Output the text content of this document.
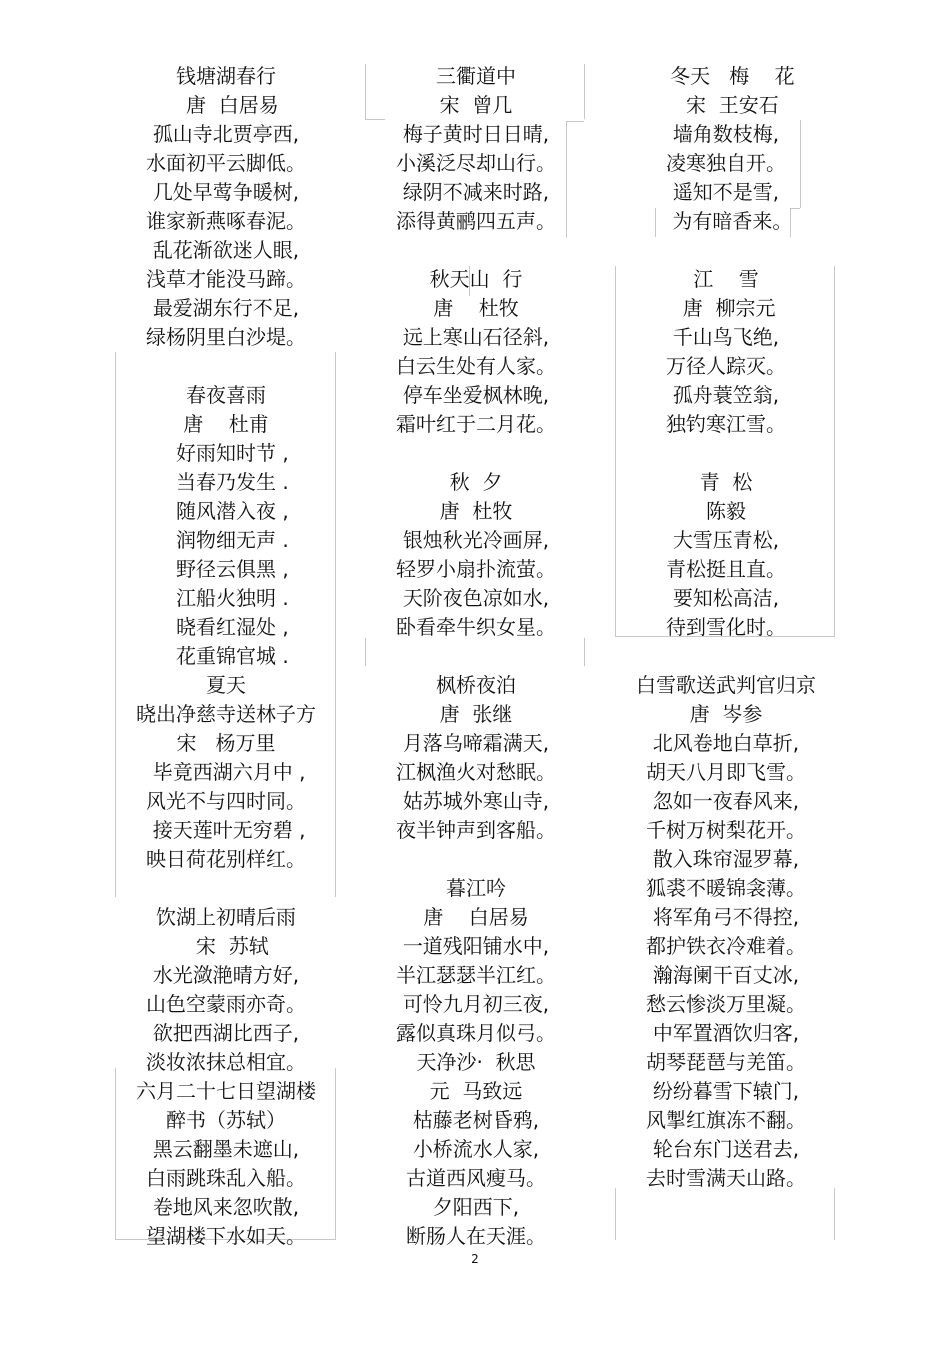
钱塘湖春行
唐  白居易
孤山寺北贾亭西,
水面初平云脚低。
几处早莺争暖树,
谁家新燕啄春泥。
乱花渐欲迷人眼,
浅草才能没马蹄。
最爱湖东行不足,
绿杨阴里白沙堤。
春夜喜雨
唐    杜甫
好雨知时节 ,
当春乃发生 .
随风潜入夜 ,
润物细无声 .
野径云俱黑 ,
江船火独明 .
晓看红湿处 ,
花重锦官城 .
夏天
晓出净慈寺送林子方
宋   杨万里
毕竟西湖六月中 ,
风光不与四时同。
接天莲叶无穷碧 ,
映日荷花别样红。
饮湖上初晴后雨
宋  苏轼
水光潋滟晴方好,
山色空蒙雨亦奇。
欲把西湖比西子,
淡妆浓抹总相宜。
六月二十七日望湖楼
醉书（苏轼）
黑云翻墨未遮山,
白雨跳珠乱入船。
卷地风来忽吹散,
望湖楼下水如天。
三衢道中
宋  曾几
梅子黄时日日晴,
小溪泛尽却山行。
绿阴不减来时路,
添得黄鹂四五声。
秋天山  行
唐    杜牧
远上寒山石径斜,
白云生处有人家。
停车坐爱枫林晚,
霜叶红于二月花。
秋  夕
唐  杜牧
银烛秋光冷画屏,
轻罗小扇扑流萤。
天阶夜色凉如水,
卧看牵牛织女星。
枫桥夜泊
唐  张继
月落乌啼霜满天,
江枫渔火对愁眠。
姑苏城外寒山寺,
夜半钟声到客船。
暮江吟
唐    白居易
一道残阳铺水中,
半江瑟瑟半江红。
可怜九月初三夜,
露似真珠月似弓。
天净沙·  秋思
元  马致远
枯藤老树昏鸦,
小桥流水人家,
古道西风瘦马。
夕阳西下,
断肠人在天涯。
冬天   梅    花
宋  王安石
墙角数枝梅,
凌寒独自开。
遥知不是雪,
为有暗香来。
江    雪
唐  柳宗元
千山鸟飞绝,
万径人踪灭。
孤舟蓑笠翁,
独钓寒江雪。
青  松
陈毅
大雪压青松,
青松挺且直。
要知松高洁,
待到雪化时。
白雪歌送武判官归京
唐  岑参
北风卷地白草折,
胡天八月即飞雪。
忽如一夜春风来,
千树万树梨花开。
散入珠帘湿罗幕,
狐裘不暖锦衾薄。
将军角弓不得控,
都护铁衣冷难着。
瀚海阑干百丈冰,
愁云惨淡万里凝。
中军置酒饮归客,
胡琴琵琶与羌笛。
纷纷暮雪下辕门,
风掣红旗冻不翻。
轮台东门送君去,
去时雪满天山路。
2
